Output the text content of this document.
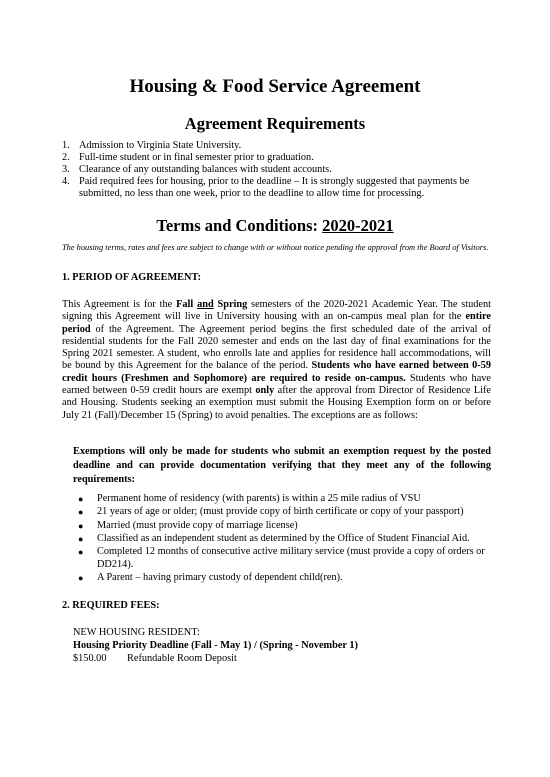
Housing & Food Service Agreement
Agreement Requirements
1. Admission to Virginia State University.
2. Full-time student or in final semester prior to graduation.
3. Clearance of any outstanding balances with student accounts.
4. Paid required fees for housing, prior to the deadline – It is strongly suggested that payments be submitted, no less than one week, prior to the deadline to allow time for processing.
Terms and Conditions: 2020-2021

The housing terms, rates and fees are subject to change with or without notice pending the approval from the Board of Visitors.

1. PERIOD OF AGREEMENT:

This Agreement is for the Fall and Spring semesters of the 2020-2021 Academic Year. The student signing this Agreement will live in University housing with an on-campus meal plan for the entire period of the Agreement. The Agreement period begins the first scheduled date of the arrival of residential students for the Fall 2020 semester and ends on the last day of final examinations for the Spring 2021 semester. A student, who enrolls late and applies for residence hall accommodations, will be bound by this Agreement for the balance of the period. Students who have earned between 0-59 credit hours (Freshmen and Sophomore) are required to reside on-campus. Students who have earned between 0-59 credit hours are exempt only after the approval from Director of Residence Life and Housing. Students seeking an exemption must submit the Housing Exemption form on or before July 21 (Fall)/December 15 (Spring) to avoid penalties. The exceptions are as follows:

Exemptions will only be made for students who submit an exemption request by the posted deadline and can provide documentation verifying that they meet any of the following requirements:

● Permanent home of residency (with parents) is within a 25 mile radius of VSU
● 21 years of age or older; (must provide copy of birth certificate or copy of your passport)
● Married (must provide copy of marriage license)
● Classified as an independent student as determined by the Office of Student Financial Aid.
● Completed 12 months of consecutive active military service (must provide a copy of orders or DD214).
● A Parent – having primary custody of dependent child(ren).

2. REQUIRED FEES:

NEW HOUSING RESIDENT:
Housing Priority Deadline (Fall - May 1) / (Spring - November 1)
$150.00 Refundable Room Deposit
